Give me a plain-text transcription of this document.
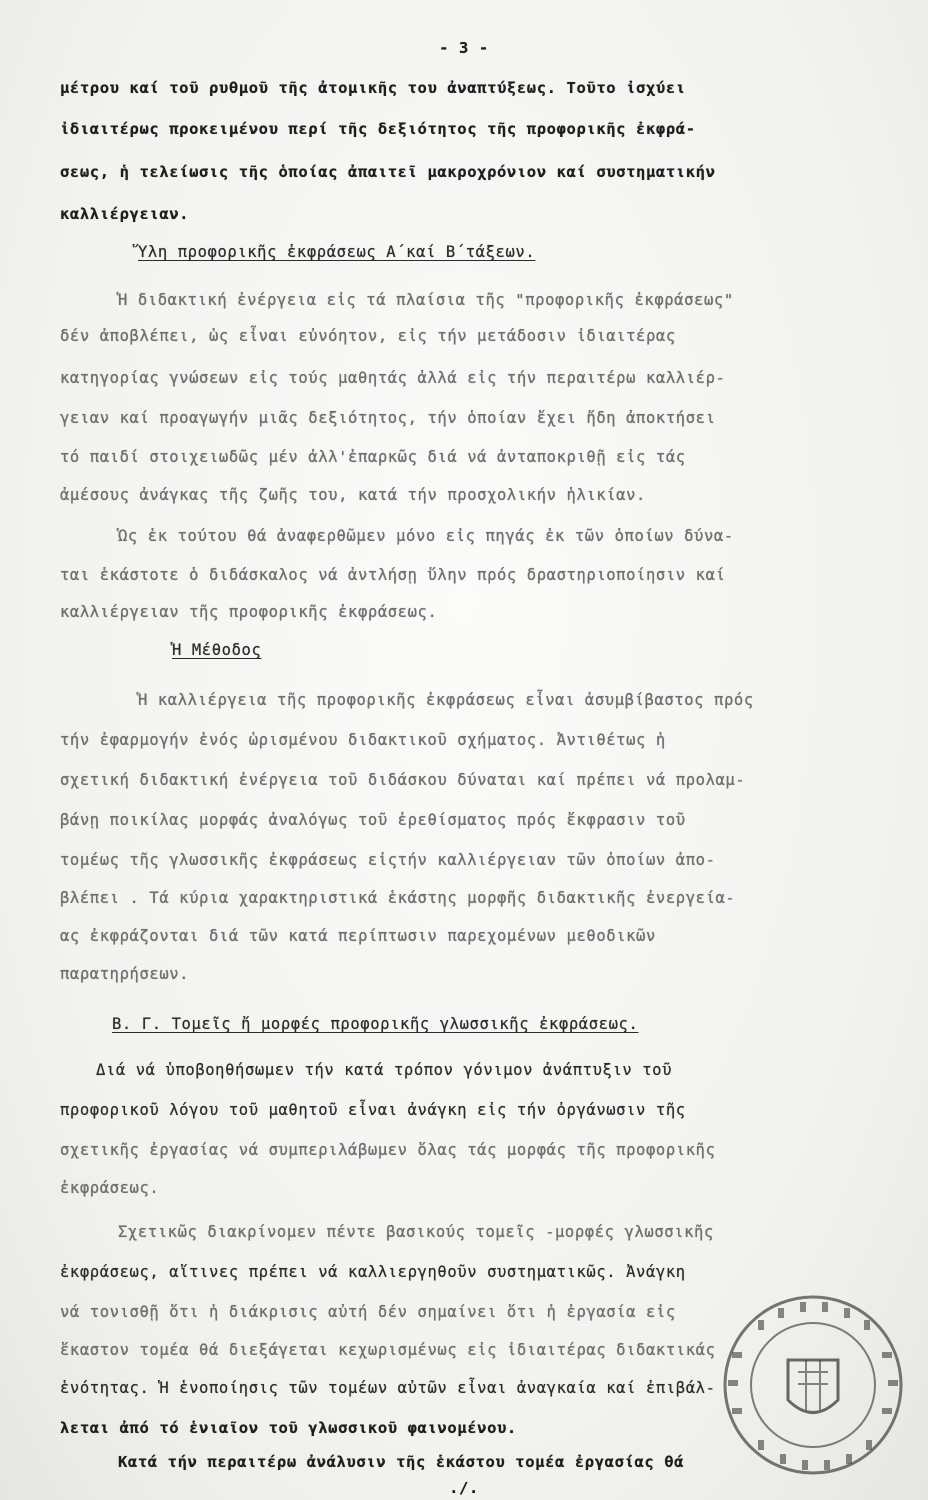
- 3 -
μέτρου καί τοῦ ρυθμοῦ τῆς ἀτομικῆς του ἀναπτύξεως. Τοῦτο ἰσχύει
ἰδιαιτέρως προκειμένου περί τῆς δεξιότητος τῆς προφορικῆς ἐκφρά-
σεως, ἡ τελείωσις τῆς ὁποίας ἀπαιτεῖ μακροχρόνιον καί συστηματικήν
καλλιέργειαν.
Ὕλη προφορικῆς ἐκφράσεως Α΄καί Β΄τάξεων.
Ἡ διδακτική ἐνέργεια εἰς τά πλαίσια τῆς "προφορικῆς ἐκφράσεως"
δέν ἀποβλέπει, ὡς εἶναι εὐνόητον, εἰς τήν μετάδοσιν ἰδιαιτέρας
κατηγορίας γνώσεων εἰς τούς μαθητάς ἀλλά εἰς τήν περαιτέρω καλλιέρ-
γειαν καί προαγωγήν μιᾶς δεξιότητος, τήν ὁποίαν ἔχει ἤδη ἀποκτήσει
τό παιδί στοιχειωδῶς μέν ἀλλ'ἐπαρκῶς διά νά ἀνταποκριθῇ εἰς τάς
ἀμέσους ἀνάγκας τῆς ζωῆς του, κατά τήν προσχολικήν ἡλικίαν.
Ὡς ἐκ τούτου θά ἀναφερθῶμεν μόνο εἰς πηγάς ἐκ τῶν ὁποίων δύνα-
ται ἑκάστοτε ὁ διδάσκαλος νά ἀντλήσῃ ὕλην πρός δραστηριοποίησιν καί
καλλιέργειαν τῆς προφορικῆς ἐκφράσεως.
Ἡ Μέθοδος
Ἡ καλλιέργεια τῆς προφορικῆς ἐκφράσεως εἶναι ἀσυμβίβαστος πρός
τήν ἐφαρμογήν ἑνός ὡρισμένου διδακτικοῦ σχήματος. Ἀντιθέτως ἡ
σχετική διδακτική ἐνέργεια τοῦ διδάσκου δύναται καί πρέπει νά προλαμ-
βάνῃ ποικίλας μορφάς ἀναλόγως τοῦ ἐρεθίσματος πρός ἔκφρασιν τοῦ
τομέως τῆς γλωσσικῆς ἐκφράσεως εἰςτήν καλλιέργειαν τῶν ὁποίων ἀπο-
βλέπει . Τά κύρια χαρακτηριστικά ἑκάστης μορφῆς διδακτικῆς ἐνεργεία-
ας ἐκφράζονται διά τῶν κατά περίπτωσιν παρεχομένων μεθοδικῶν
παρατηρήσεων.
Β. Γ. Τομεῖς ἤ μορφές προφορικῆς γλωσσικῆς ἐκφράσεως.
Διά νά ὑποβοηθήσωμεν τήν κατά τρόπον γόνιμον ἀνάπτυξιν τοῦ
προφορικοῦ λόγου τοῦ μαθητοῦ εἶναι ἀνάγκη εἰς τήν ὀργάνωσιν τῆς
σχετικῆς ἐργασίας νά συμπεριλάβωμεν ὅλας τάς μορφάς τῆς προφορικῆς
ἐκφράσεως.
Σχετικῶς διακρίνομεν πέντε βασικούς τομεῖς -μορφές γλωσσικῆς
ἐκφράσεως, αἵτινες πρέπει νά καλλιεργηθοῦν συστηματικῶς. Ἀνάγκη
νά τονισθῇ ὅτι ἡ διάκρισις αὐτή δέν σημαίνει ὅτι ἡ ἐργασία εἰς
ἕκαστον τομέα θά διεξάγεται κεχωρισμένως εἰς ἰδιαιτέρας διδακτικάς
ἑνότητας. Ἡ ἑνοποίησις τῶν τομέων αὐτῶν εἶναι ἀναγκαία καί ἐπιβάλ-
λεται ἀπό τό ἑνιαῖον τοῦ γλωσσικοῦ φαινομένου.
Κατά τήν περαιτέρω ἀνάλυσιν τῆς ἑκάστου τομέα ἐργασίας θά
./.
